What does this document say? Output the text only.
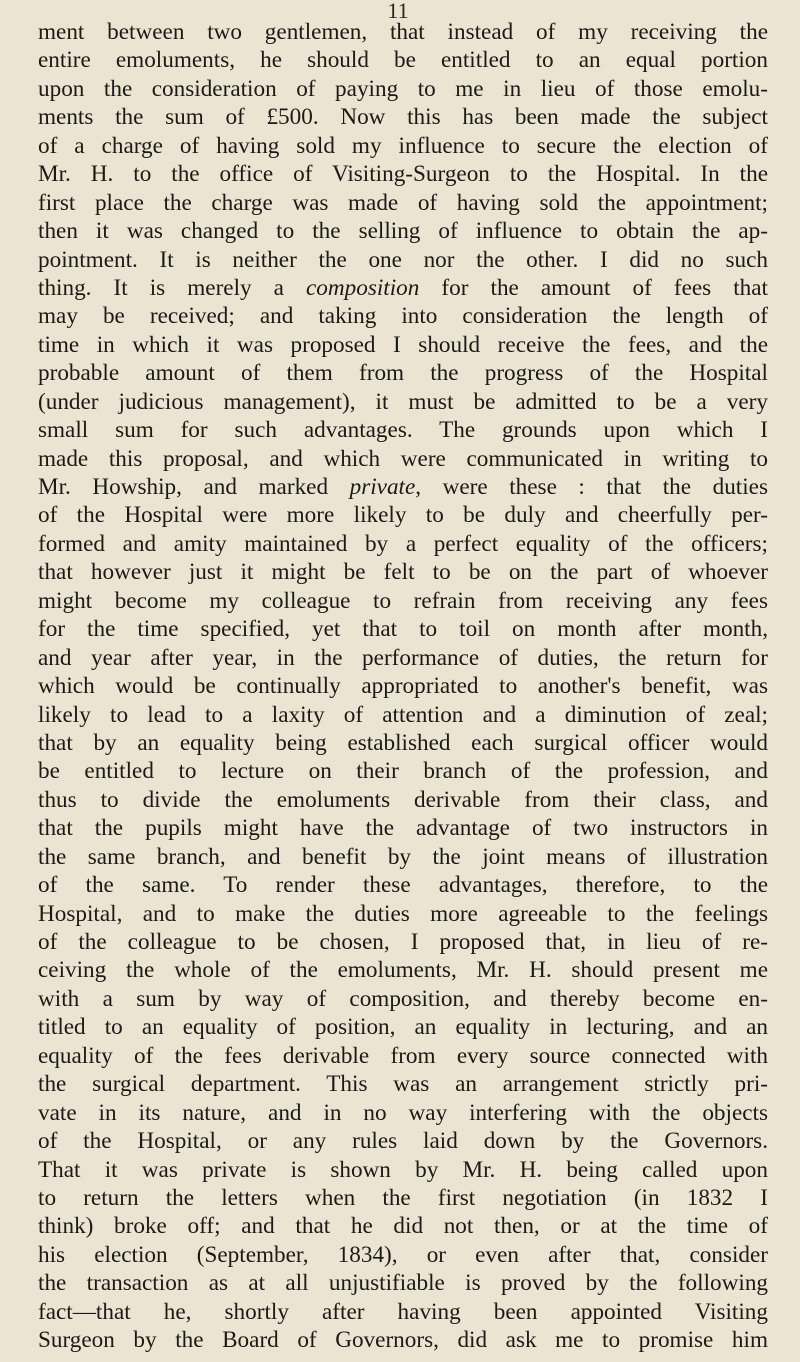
11
ment between two gentlemen, that instead of my receiving the
entire emoluments, he should be entitled to an equal portion
upon the consideration of paying to me in lieu of those emolu-
ments the sum of £500. Now this has been made the subject
of a charge of having sold my influence to secure the election of
Mr. H. to the office of Visiting-Surgeon to the Hospital. In the
first place the charge was made of having sold the appointment;
then it was changed to the selling of influence to obtain the ap-
pointment. It is neither the one nor the other. I did no such
thing. It is merely a composition for the amount of fees that
may be received; and taking into consideration the length of
time in which it was proposed I should receive the fees, and the
probable amount of them from the progress of the Hospital
(under judicious management), it must be admitted to be a very
small sum for such advantages. The grounds upon which I
made this proposal, and which were communicated in writing to
Mr. Howship, and marked private, were these : that the duties
of the Hospital were more likely to be duly and cheerfully per-
formed and amity maintained by a perfect equality of the officers;
that however just it might be felt to be on the part of whoever
might become my colleague to refrain from receiving any fees
for the time specified, yet that to toil on month after month,
and year after year, in the performance of duties, the return for
which would be continually appropriated to another's benefit, was
likely to lead to a laxity of attention and a diminution of zeal;
that by an equality being established each surgical officer would
be entitled to lecture on their branch of the profession, and
thus to divide the emoluments derivable from their class, and
that the pupils might have the advantage of two instructors in
the same branch, and benefit by the joint means of illustration
of the same. To render these advantages, therefore, to the
Hospital, and to make the duties more agreeable to the feelings
of the colleague to be chosen, I proposed that, in lieu of re-
ceiving the whole of the emoluments, Mr. H. should present me
with a sum by way of composition, and thereby become en-
titled to an equality of position, an equality in lecturing, and an
equality of the fees derivable from every source connected with
the surgical department. This was an arrangement strictly pri-
vate in its nature, and in no way interfering with the objects
of the Hospital, or any rules laid down by the Governors.
That it was private is shown by Mr. H. being called upon
to return the letters when the first negotiation (in 1832 I
think) broke off; and that he did not then, or at the time of
his election (September, 1834), or even after that, consider
the transaction as at all unjustifiable is proved by the following
fact—that he, shortly after having been appointed Visiting
Surgeon by the Board of Governors, did ask me to promise him
